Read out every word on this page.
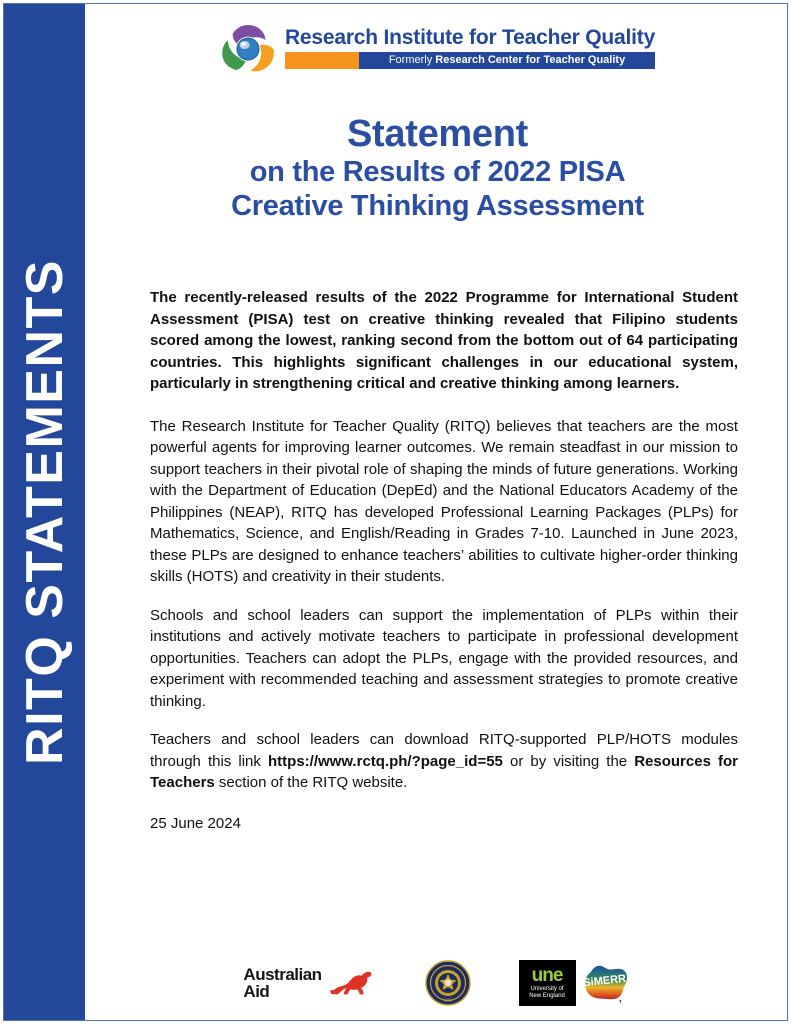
RITQ STATEMENTS
Research Institute for Teacher Quality
Formerly Research Center for Teacher Quality
Statement
on the Results of 2022 PISA
Creative Thinking Assessment

The recently-released results of the 2022 Programme for International Student Assessment (PISA) test on creative thinking revealed that Filipino students scored among the lowest, ranking second from the bottom out of 64 participating countries. This highlights significant challenges in our educational system, particularly in strengthening critical and creative thinking among learners.

The Research Institute for Teacher Quality (RITQ) believes that teachers are the most powerful agents for improving learner outcomes. We remain steadfast in our mission to support teachers in their pivotal role of shaping the minds of future generations. Working with the Department of Education (DepEd) and the National Educators Academy of the Philippines (NEAP), RITQ has developed Professional Learning Packages (PLPs) for Mathematics, Science, and English/Reading in Grades 7-10. Launched in June 2023, these PLPs are designed to enhance teachers’ abilities to cultivate higher-order thinking skills (HOTS) and creativity in their students.

Schools and school leaders can support the implementation of PLPs within their institutions and actively motivate teachers to participate in professional development opportunities. Teachers can adopt the PLPs, engage with the provided resources, and experiment with recommended teaching and assessment strategies to promote creative thinking.

Teachers and school leaders can download RITQ-supported PLP/HOTS modules through this link https://www.rctq.ph/?page_id=55 or by visiting the Resources for Teachers section of the RITQ website.

25 June 2024
Australian
Aid	1901
une
University of
New England
SiMERR
